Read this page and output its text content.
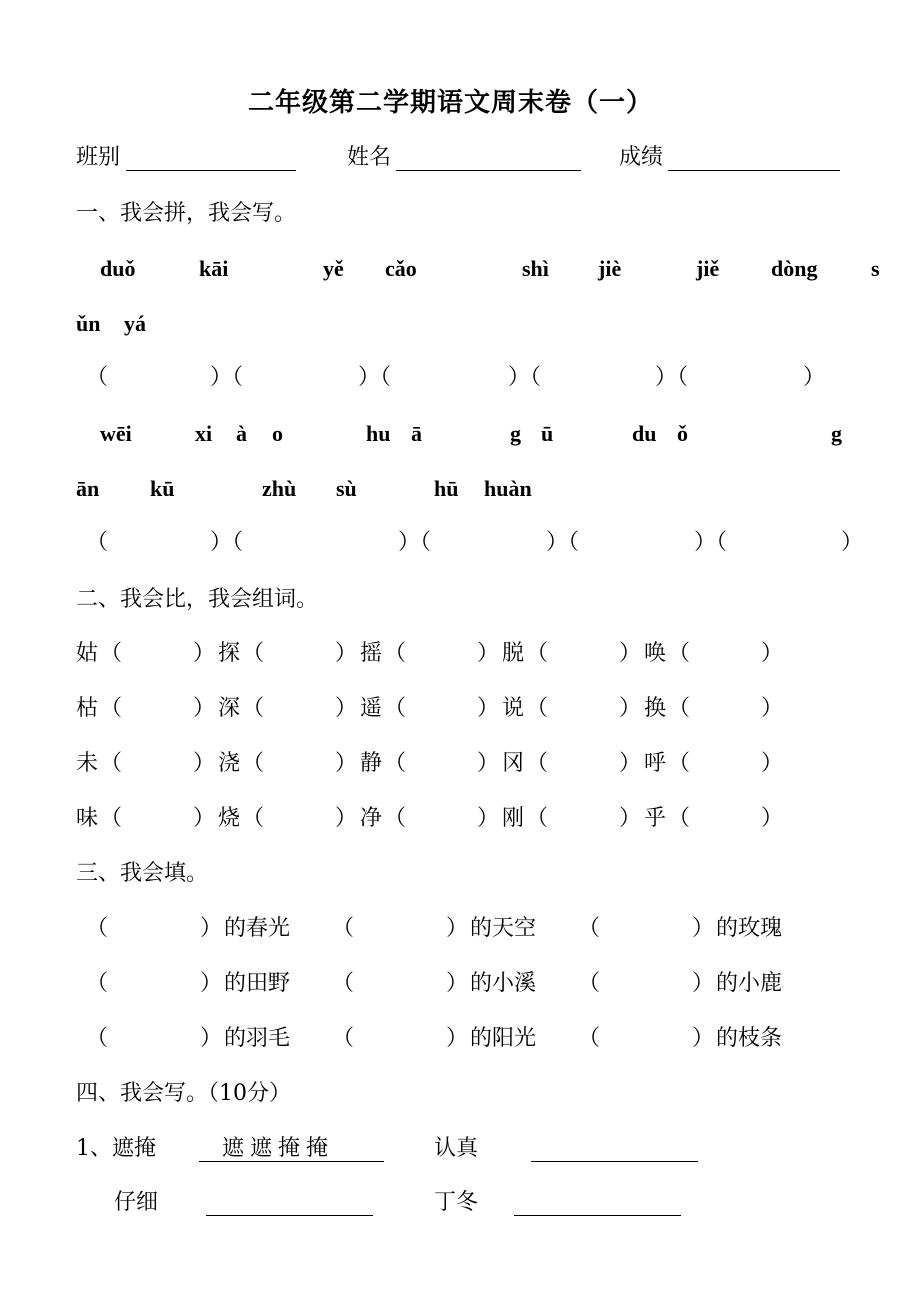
二年级第二学期语文周末卷（一）
班别	姓名	成绩
一、我会拼，我会写。
duǒ	kāi	yě cǎo	shì jiè	jiě dòng s
ǔn yá
（	）（	）（	）（	）（	）
wēi	xi à o	hu ā	g ū	du ǒ	g
ān kū	zhù sù	hū huàn
（	）（	）（	）（	）（	）
二、我会比，我会组词。
姑 （	） 探 （	） 摇 （	） 脱 （	） 唤 （	）
枯 （	） 深 （	） 遥 （	） 说 （	） 换 （	）
未 （	） 浇 （	） 静 （	） 冈 （	） 呼 （	）
味 （	） 烧 （	） 净 （	） 刚 （	） 乎 （	）
三、我会填。
（	） 的春光 （	） 的天空 （	） 的玫瑰
（	） 的田野 （	） 的小溪 （	） 的小鹿
（	） 的羽毛 （	） 的阳光 （	） 的枝条
四、我会写。（10分）
1、 遮掩	遮遮掩掩	认真
仔细	丁冬
